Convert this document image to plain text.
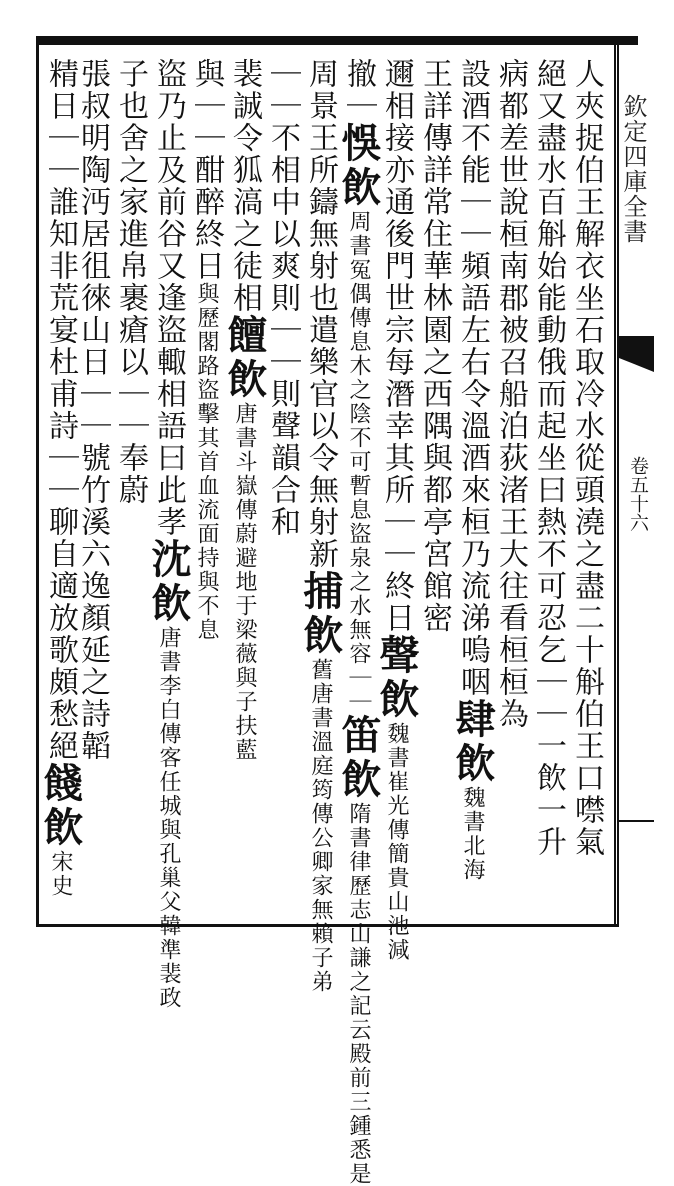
欽定四庫全書
卷五十六
人夾捉伯王解衣坐石取冷水從頭澆之盡二十斛伯王口噤氣
絕又盡水百斛始能動俄而起坐曰熱不可忍乞｜｜一飲一升
病都差世說桓南郡被召船泊荻渚王大往看桓桓為
設酒不能｜｜頻語左右令溫酒來桓乃流涕嗚咽肆飲魏書北海
王詳傳詳常住華林園之西隅與都亭宮館密
邇相接亦通後門世宗每潛幸其所｜｜終日聲飲魏書崔光傳簡貴山池減
撤｜悞飲周書冤偶傳息木之陰不可暫息盜泉之水無容｜｜笛飲隋書律歷志山謙之記云殿前三鍾悉是
周景王所鑄無射也遣樂官以令無射新捕飲舊唐書溫庭筠傳公卿家無賴子弟
｜｜不相中以爽則｜｜則聲韻合和
裴誠令狐滈之徒相饘飲唐書斗嶽傳蔚避地于梁薇與子扶藍
與｜｜酣醉終日與歷閣路盜擊其首血流面持與不息
盜乃止及前谷又逢盜輙相語曰此孝沈飲唐書李白傳客任城與孔巢父韓準裴政
子也舍之家進帛裹瘡以｜｜奉蔚
張叔明陶沔居徂徠山日｜｜號竹溪六逸顏延之詩韜
精日｜｜誰知非荒宴杜甫詩｜｜聊自適放歌頗愁絕餞飲宋史
